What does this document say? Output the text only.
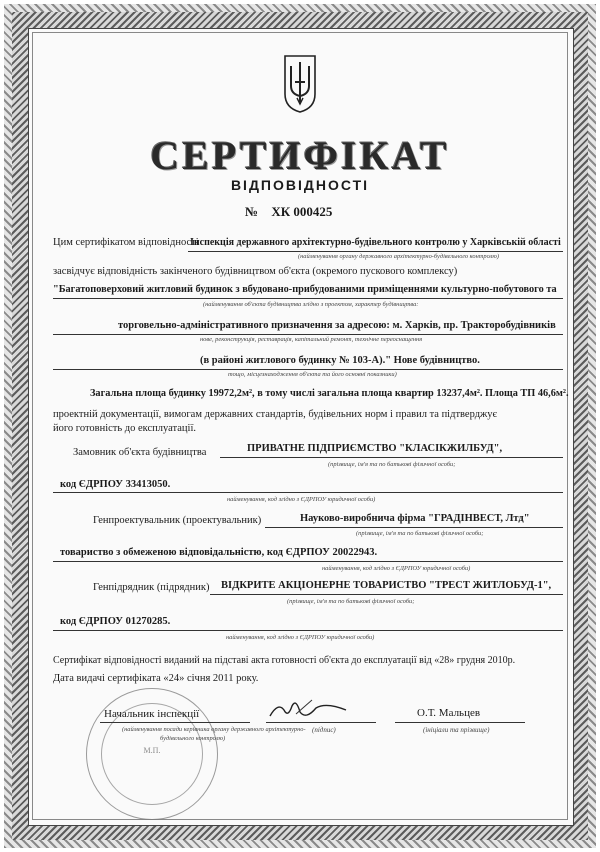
СЕРТИФІКАТ
ВІДПОВІДНОСТІ
№ ХК 000425
Цим сертифікатом відповідності
Інспекція державного архітектурно-будівельного контролю у Харківській області
(найменування органу державного архітектурно-будівельного контролю)
засвідчує відповідність закінченого будівництвом об'єкта (окремого пускового комплексу)
"Багатоповерховий житловий будинок з вбудовано-прибудованими приміщеннями культурно-побутового та
(найменування об'єкта будівництва згідно з проектом, характер будівництва:
торговельно-адміністративного призначення за адресою: м. Харків, пр. Тракторобудівників
нове, реконструкція, реставрація, капітальний ремонт, технічне переоснащення
(в районі житлового будинку № 103-А)." Нове будівництво.
тощо, місцезнаходження об'єкта та його основні показники)
Загальна площа будинку 19972,2м², в тому числі загальна площа квартир 13237,4м². Площа ТП 46,6м².
проектній документації, вимогам державних стандартів, будівельних норм і правил та підтверджує
його готовність до експлуатації.
Замовник об'єкта будівництва	ПРИВАТНЕ ПІДПРИЄМСТВО "КЛАСІКЖИЛБУД",
(прізвище, ім'я та по батькові фізичної особи;
код ЄДРПОУ 33413050.
найменування, код згідно з ЄДРПОУ юридичної особи)
Генпроектувальник (проектувальник)	Науково-виробнича фірма "ГРАДІНВЕСТ, Лтд"
(прізвище, ім'я та по батькові фізичної особи;
товариство з обмеженою відповідальністю, код ЄДРПОУ 20022943.
найменування, код згідно з ЄДРПОУ юридичної особи)
Генпідрядник (підрядник) ВІДКРИТЕ АКЦІОНЕРНЕ ТОВАРИСТВО "ТРЕСТ ЖИТЛОБУД-1",
(прізвище, ім'я та по батькові фізичної особи;
код ЄДРПОУ 01270285.
найменування, код згідно з ЄДРПОУ юридичної особи)
Сертифікат відповідності виданий на підставі акта готовності об'єкта до експлуатації від «28» грудня 2010р.
Дата видачі сертифіката «24» січня 2011 року.
М.П.
Начальник інспекції
(найменування посади керівника органу державного архітектурно-
будівельного контролю)
(підпис)
О.Т. Мальцев
(ініціали та прізвище)
